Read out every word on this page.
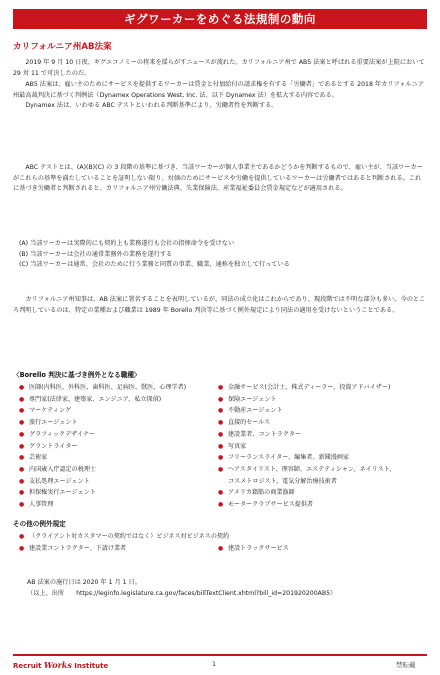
ギグワーカーをめぐる法規制の動向
カリフォルニア州AB法案

2019 年 9 月 10 日夜、ギグエコノミーの将来を揺らがすニュースが流れた。カリフォルニア州で AB5 法案と呼ばれる重要法案が上院において 29 対 11 で可決したのだ。

AB5 法案は、雇い主のためにサービスを提供するワーカーは賃金と付加給付の請求権を有する「労働者」であるとする 2018 年カリフォルニア州最高裁判決に基づく判例法（Dynamex Operations West, Inc. 法、以下 Dynamex 法）を拡大する内容である。

Dynamex 法は、いわゆる ABC テストといわれる判断基準により、労働者性を判断する。

ABC テストとは、(A)(B)(C) の 3 段階の基準に基づき、当該ワーカーが個人事業主であるかどうかを判断するもので、雇い主が、当該ワーカーがこれらの基準を満たしていることを証明しない限り、対価のためにサービスや労働を提供しているワーカーは労働者ではあると判断される。これに基づき労働者と判断されると、カリフォルニア州労働法典、失業保険法、産業福祉委員会賃金規定などが適用される。

(A) 当該ワーカーは実際的にも契約上も業務遂行も会社の指揮命令を受けない
(B) 当該ワーカーは会社の通常業務外の業務を遂行する
(C) 当該ワーカーは通常、会社のために行う業務と同質の事業、職業、通称を独立して行っている

カリフォルニア州知事は、AB 法案に署名することを表明しているが、同法の成立化はこれからであり、現段階では不明な部分も多い。今のところ判明しているのは、特定の業種および職業は 1989 年 Borello 判決等に基づく例外規定により同法の適用を受けないということである。

〈Borello 判決に基づき例外となる職種〉
● 医師(内科医、外科医、歯科医、足病医、獣医、心理学者)
● 専門家(法律家、建築家、エンジニア、私立探偵)
● マーケティング
● 旅行エージェント
● グラフィックデザイナー
● グラントライター
● 芸術家
● 内国歳入庁認定の税理士
● 支払処理エージェント
● 担保権実行エージェント
● 人事管理
● 金融サービス(会計士、株式ディーラー、投資アドバイザー)
● 保険エージェント
● 不動産エージェント
● 直接的セールス
● 建設業者、コントラクター
● 写真家
● フリーランスライター、編集者、新聞漫画家
● ヘアスタイリスト、理容師、エステティシャン、ネイリスト、
コスメトロジスト、電気分解治療技術者
● アメリカ籍船の商業漁師
● モータークラブサービス提供者
その他の例外規定
● （クライアント対カスタマーの契約ではなく）ビジネス対ビジネスの契約
● 建設業コントラクター、下請け業者	● 建設トラックサービス
AB 法案の施行日は 2020 年 1 月 1 日。
（以上、出所 https://leginfo.legislature.ca.gov/faces/billTextClient.xhtml?bill_id=201920200AB5）
Recruit Works Institute	1	禁転載
